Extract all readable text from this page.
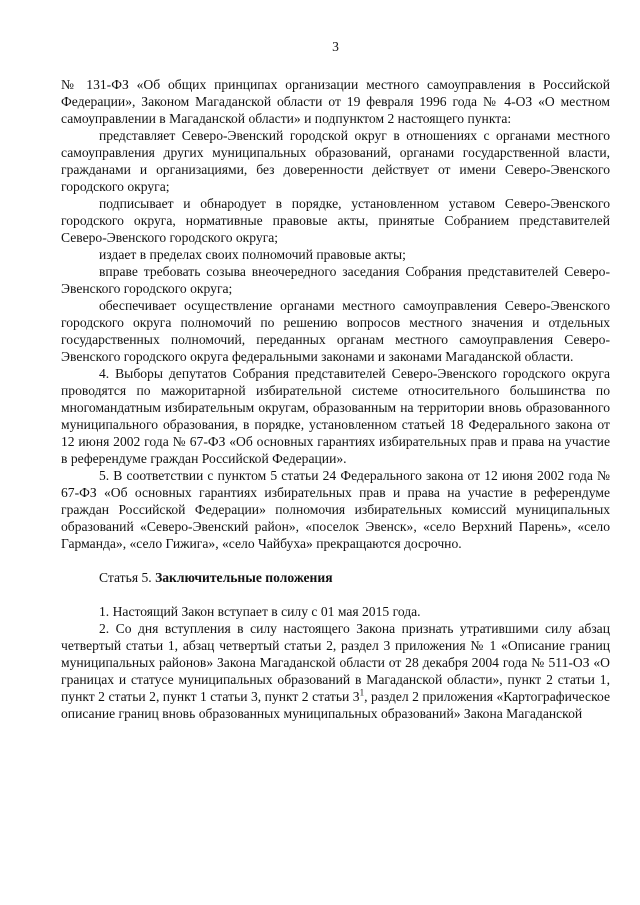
3

№ 131-ФЗ «Об общих принципах организации местного самоуправления в Российской Федерации», Законом Магаданской области от 19 февраля 1996 года № 4-ОЗ «О местном самоуправлении в Магаданской области» и подпунктом 2 настоящего пункта:

представляет Северо-Эвенский городской округ в отношениях с органами местного самоуправления других муниципальных образований, органами государственной власти, гражданами и организациями, без доверенности действует от имени Северо-Эвенского городского округа;

подписывает и обнародует в порядке, установленном уставом Северо-Эвенского городского округа, нормативные правовые акты, принятые Собранием представителей Северо-Эвенского городского округа;

издает в пределах своих полномочий правовые акты;

вправе требовать созыва внеочередного заседания Собрания представителей Северо-Эвенского городского округа;

обеспечивает осуществление органами местного самоуправления Северо-Эвенского городского округа полномочий по решению вопросов местного значения и отдельных государственных полномочий, переданных органам местного самоуправления Северо-Эвенского городского округа федеральными законами и законами Магаданской области.

4. Выборы депутатов Собрания представителей Северо-Эвенского городского округа проводятся по мажоритарной избирательной системе относительного большинства по многомандатным избирательным округам, образованным на территории вновь образованного муниципального образования, в порядке, установленном статьей 18 Федерального закона от 12 июня 2002 года № 67-ФЗ «Об основных гарантиях избирательных прав и права на участие в референдуме граждан Российской Федерации».

5. В соответствии с пунктом 5 статьи 24 Федерального закона от 12 июня 2002 года № 67-ФЗ «Об основных гарантиях избирательных прав и права на участие в референдуме граждан Российской Федерации» полномочия избирательных комиссий муниципальных образований «Северо-Эвенский район», «поселок Эвенск», «село Верхний Парень», «село Гарманда», «село Гижига», «село Чайбуха» прекращаются досрочно.

Статья 5. Заключительные положения

1. Настоящий Закон вступает в силу с 01 мая 2015 года.

2. Со дня вступления в силу настоящего Закона признать утратившими силу абзац четвертый статьи 1, абзац четвертый статьи 2, раздел 3 приложения № 1 «Описание границ муниципальных районов» Закона Магаданской области от 28 декабря 2004 года № 511-ОЗ «О границах и статусе муниципальных образований в Магаданской области», пункт 2 статьи 1, пункт 2 статьи 2, пункт 1 статьи 3, пункт 2 статьи $3^1$, раздел 2 приложения «Картографическое описание границ вновь образованных муниципальных образований» Закона Магаданской
